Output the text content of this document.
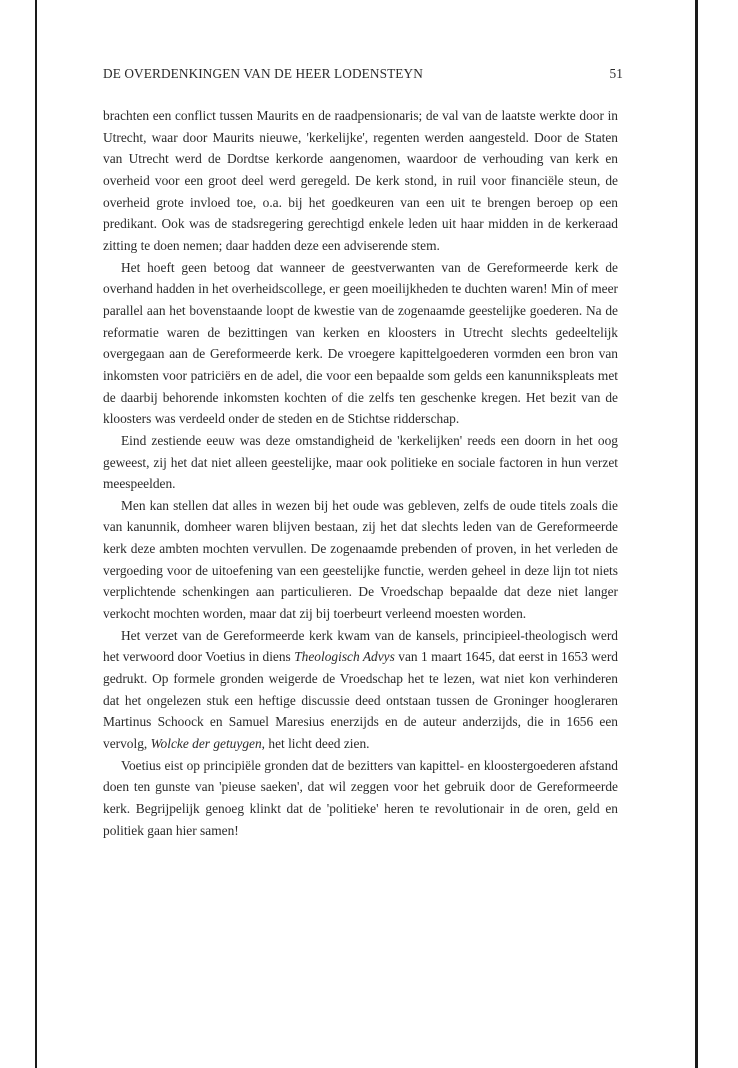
DE OVERDENKINGEN VAN DE HEER LODENSTEYN	51

brachten een conflict tussen Maurits en de raadpensionaris; de val van de laatste werkte door in Utrecht, waar door Maurits nieuwe, 'kerkelijke', regenten werden aangesteld. Door de Staten van Utrecht werd de Dordtse kerkorde aangenomen, waardoor de verhouding van kerk en overheid voor een groot deel werd geregeld. De kerk stond, in ruil voor financiële steun, de overheid grote invloed toe, o.a. bij het goedkeuren van een uit te brengen beroep op een predikant. Ook was de stadsregering gerechtigd enkele leden uit haar midden in de kerkeraad zitting te doen nemen; daar hadden deze een adviserende stem.

Het hoeft geen betoog dat wanneer de geestverwanten van de Gereformeerde kerk de overhand hadden in het overheidscollege, er geen moeilijkheden te duchten waren! Min of meer parallel aan het bovenstaande loopt de kwestie van de zogenaamde geestelijke goederen. Na de reformatie waren de bezittingen van kerken en kloosters in Utrecht slechts gedeeltelijk overgegaan aan de Gereformeerde kerk. De vroegere kapittelgoederen vormden een bron van inkomsten voor patriciërs en de adel, die voor een bepaalde som gelds een kanunnikspleats met de daarbij behorende inkomsten kochten of die zelfs ten geschenke kregen. Het bezit van de kloosters was verdeeld onder de steden en de Stichtse ridderschap.

Eind zestiende eeuw was deze omstandigheid de 'kerkelijken' reeds een doorn in het oog geweest, zij het dat niet alleen geestelijke, maar ook politieke en sociale factoren in hun verzet meespeelden.

Men kan stellen dat alles in wezen bij het oude was gebleven, zelfs de oude titels zoals die van kanunnik, domheer waren blijven bestaan, zij het dat slechts leden van de Gereformeerde kerk deze ambten mochten vervullen. De zogenaamde prebenden of proven, in het verleden de vergoeding voor de uitoefening van een geestelijke functie, werden geheel in deze lijn tot niets verplichtende schenkingen aan particulieren. De Vroedschap bepaalde dat deze niet langer verkocht mochten worden, maar dat zij bij toerbeurt verleend moesten worden.

Het verzet van de Gereformeerde kerk kwam van de kansels, principieel-theologisch werd het verwoord door Voetius in diens Theologisch Advys van 1 maart 1645, dat eerst in 1653 werd gedrukt. Op formele gronden weigerde de Vroedschap het te lezen, wat niet kon verhinderen dat het ongelezen stuk een heftige discussie deed ontstaan tussen de Groninger hoogleraren Martinus Schoock en Samuel Maresius enerzijds en de auteur anderzijds, die in 1656 een vervolg, Wolcke der getuygen, het licht deed zien.

Voetius eist op principiële gronden dat de bezitters van kapittel- en kloostergoederen afstand doen ten gunste van 'pieuse saeken', dat wil zeggen voor het gebruik door de Gereformeerde kerk. Begrijpelijk genoeg klinkt dat de 'politieke' heren te revolutionair in de oren, geld en politiek gaan hier samen!
